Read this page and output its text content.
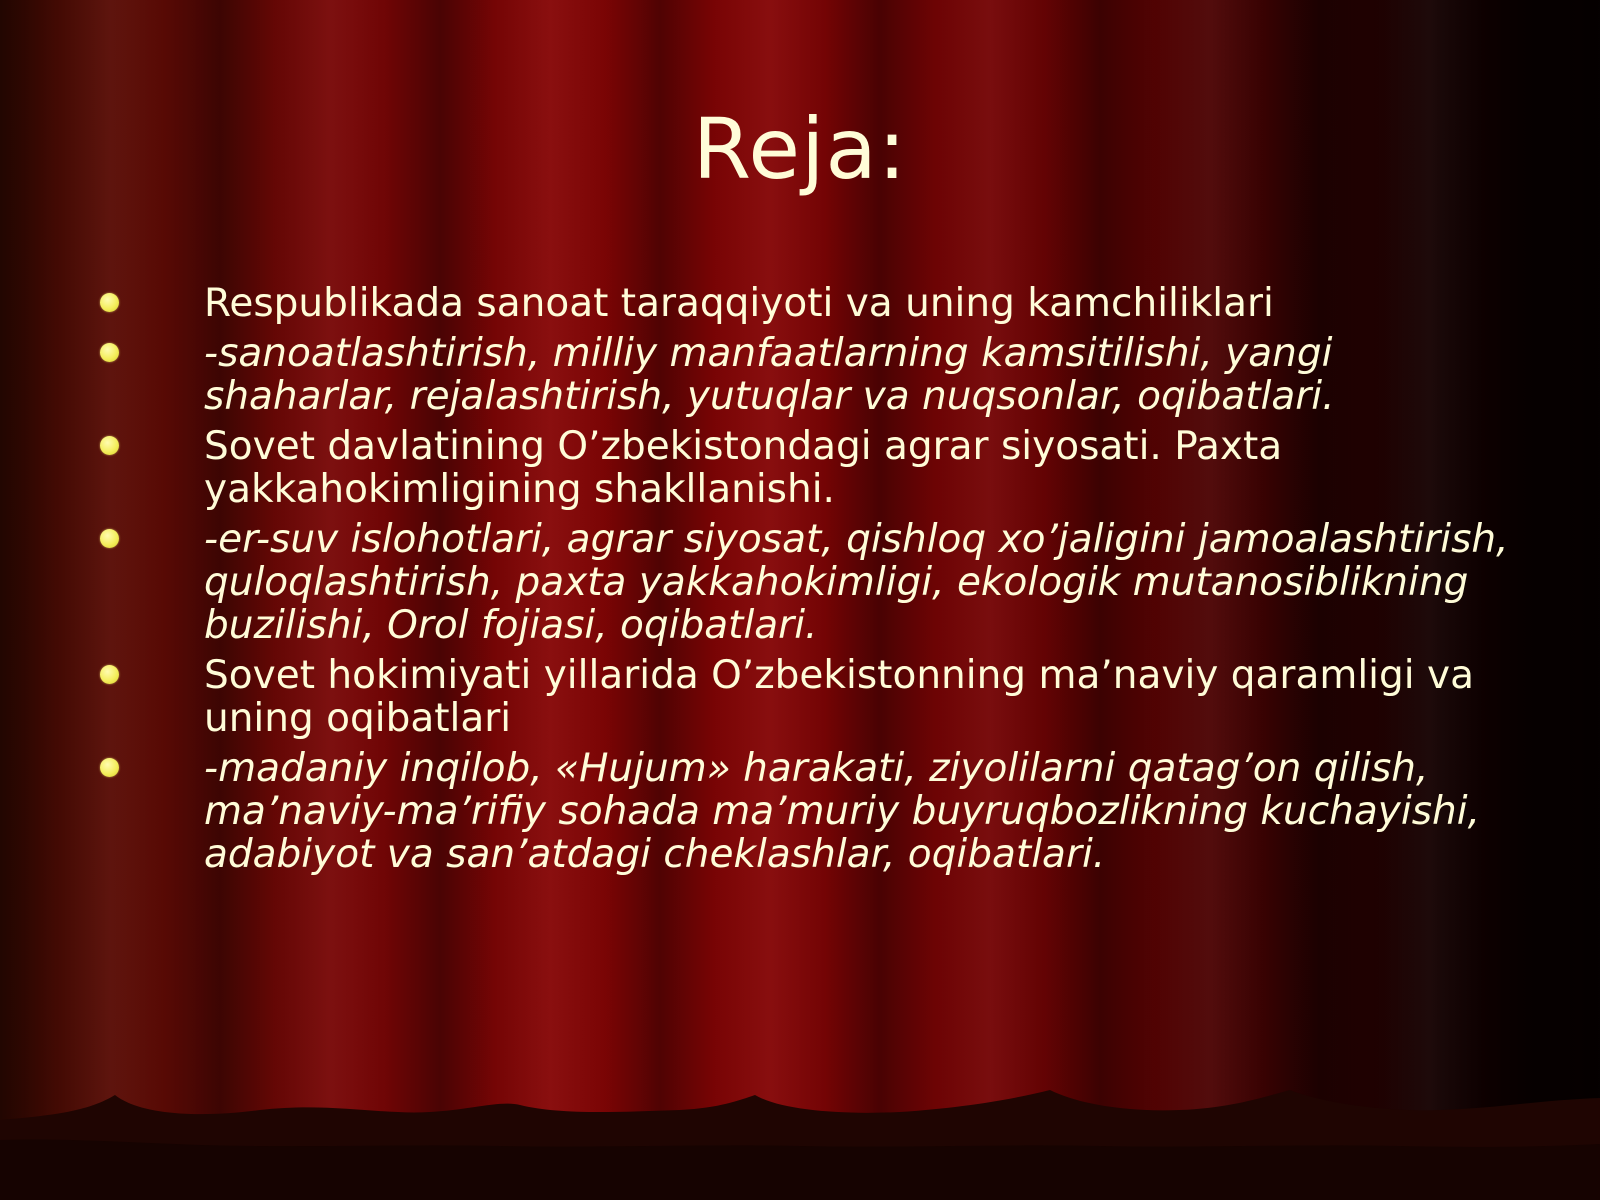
Reja:
Respublikada sanoat taraqqiyoti va uning kamchiliklari
-sanoatlashtirish, milliy manfaatlarning kamsitilishi, yangi shaharlar, rejalashtirish, yutuqlar va nuqsonlar, oqibatlari.
Sovet davlatining O’zbekistondagi agrar siyosati. Paxta yakkahokimligining shakllanishi.
-er-suv islohotlari, agrar siyosat, qishloq xo’jaligini jamoalashtirish, quloqlashtirish, paxta yakkahokimligi, ekologik mutanosiblikning buzilishi, Orol fojiasi, oqibatlari.
Sovet hokimiyati yillarida O’zbekistonning ma’naviy qaramligi va uning oqibatlari
-madaniy inqilob, «Hujum» harakati, ziyolilarni qatag’on qilish, ma’naviy-ma’rifiy sohada ma’muriy buyruqbozlikning kuchayishi, adabiyot va san’atdagi cheklashlar, oqibatlari.
